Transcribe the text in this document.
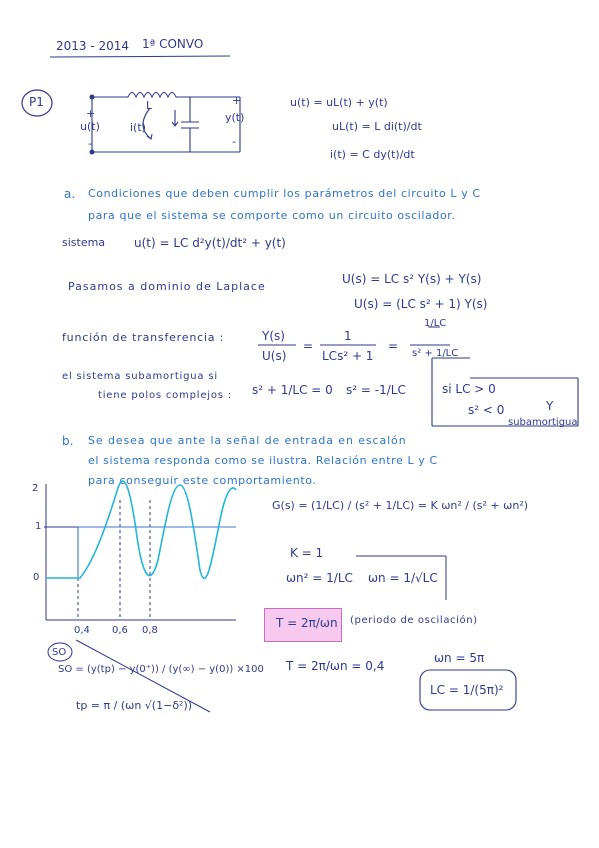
2013 - 2014 1ª CONVO
P1	L
i(t)
u(t)
y(t)
+
-
+
-
u(t) = uL(t) + y(t)
uL(t) = L di(t)/dt
i(t) = C dy(t)/dt
a. Condiciones que deben cumplir los parámetros del circuito L y C
para que el sistema se comporte como un circuito oscilador.
sistema u(t) = LC d²y(t)/dt² + y(t)
Pasamos a dominio de Laplace
U(s) = LC s² Y(s) + Y(s)
U(s) = (LC s² + 1) Y(s)
función de transferencia :	Y(s)
U(s)
=
1
LCs² + 1
=
1/LC
s² + 1/LC
el sistema subamortigua si
tiene polos complejos : s² + 1/LC = 0 s² = -1/LC	si LC > 0
s² < 0	Y
subamortigua
b. Se desea que ante la señal de entrada en escalón
el sistema responda como se ilustra. Relación entre L y C
para conseguir este comportamiento.
2
1
0
0,4 0,6 0,8
G(s) = (1/LC) / (s² + 1/LC) = K ωn² / (s² + ωn²)
K = 1
ωn² = 1/LC ωn = 1/√LC
T = 2π/ωn (periodo de oscilación)
SO
SO = (y(tp) − y(0⁺)) / (y(∞) − y(0)) ×100
tp = π / (ωn √(1−δ²))
T = 2π/ωn = 0,4
ωn = 5π
LC = 1/(5π)²
